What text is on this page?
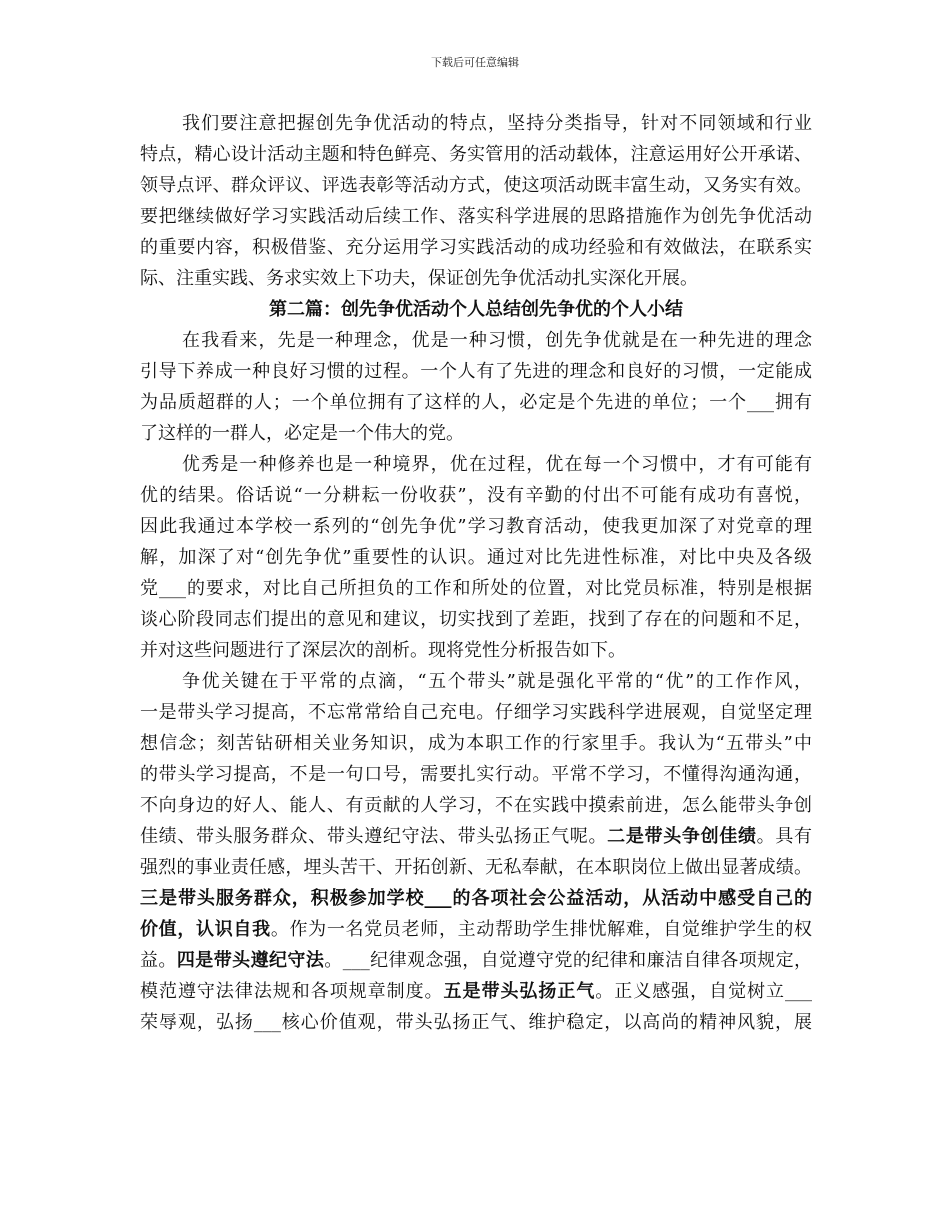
下载后可任意编辑
我们要注意把握创先争优活动的特点，坚持分类指导，针对不同领域和行业
特点，精心设计活动主题和特色鲜亮、务实管用的活动载体，注意运用好公开承诺、
领导点评、群众评议、评选表彰等活动方式，使这项活动既丰富生动，又务实有效。
要把继续做好学习实践活动后续工作、落实科学进展的思路措施作为创先争优活动
的重要内容，积极借鉴、充分运用学习实践活动的成功经验和有效做法，在联系实
际、注重实践、务求实效上下功夫，保证创先争优活动扎实深化开展。
第二篇：创先争优活动个人总结创先争优的个人小结
在我看来，先是一种理念，优是一种习惯，创先争优就是在一种先进的理念
引导下养成一种良好习惯的过程。一个人有了先进的理念和良好的习惯，一定能成
为品质超群的人；一个单位拥有了这样的人，必定是个先进的单位；一个___拥有
了这样的一群人，必定是一个伟大的党。
优秀是一种修养也是一种境界，优在过程，优在每一个习惯中，才有可能有
优的结果。俗话说“一分耕耘一份收获”，没有辛勤的付出不可能有成功有喜悦，
因此我通过本学校一系列的“创先争优”学习教育活动，使我更加深了对党章的理
解，加深了对“创先争优”重要性的认识。通过对比先进性标准，对比中央及各级
党___的要求，对比自己所担负的工作和所处的位置，对比党员标准，特别是根据
谈心阶段同志们提出的意见和建议，切实找到了差距，找到了存在的问题和不足，
并对这些问题进行了深层次的剖析。现将党性分析报告如下。
争优关键在于平常的点滴，“五个带头”就是强化平常的“优”的工作作风，
一是带头学习提高，不忘常常给自己充电。仔细学习实践科学进展观，自觉坚定理
想信念；刻苦钻研相关业务知识，成为本职工作的行家里手。我认为“五带头”中
的带头学习提高，不是一句口号，需要扎实行动。平常不学习，不懂得沟通沟通，
不向身边的好人、能人、有贡献的人学习，不在实践中摸索前进，怎么能带头争创
佳绩、带头服务群众、带头遵纪守法、带头弘扬正气呢。二是带头争创佳绩。具有
强烈的事业责任感，埋头苦干、开拓创新、无私奉献，在本职岗位上做出显著成绩。
三是带头服务群众，积极参加学校___的各项社会公益活动，从活动中感受自己的
价值，认识自我。作为一名党员老师，主动帮助学生排忧解难，自觉维护学生的权
益。四是带头遵纪守法。___纪律观念强，自觉遵守党的纪律和廉洁自律各项规定，
模范遵守法律法规和各项规章制度。五是带头弘扬正气。正义感强，自觉树立___
荣辱观，弘扬___核心价值观，带头弘扬正气、维护稳定，以高尚的精神风貌，展
